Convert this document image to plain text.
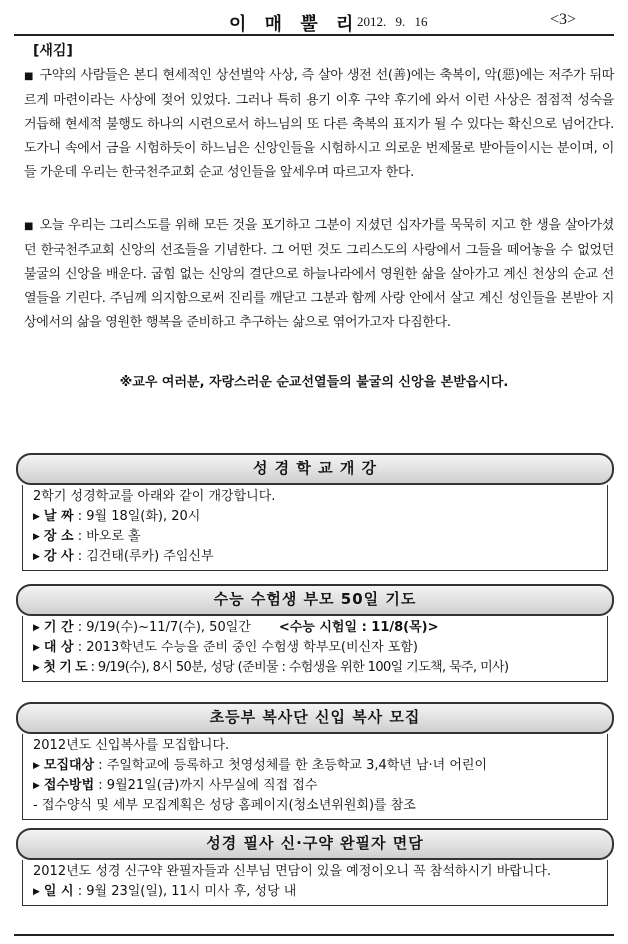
이 매 뿔 리
2012. 9. 16	<3>
[새김]
■ 구약의 사람들은 본디 현세적인 상선벌악 사상, 즉 살아 생전 선(善)에는 축복이, 악(惡)에는 저주가 뒤따르게 마련이라는 사상에 젖어 있었다. 그러나 특히 용기 이후 구약 후기에 와서 이런 사상은 점점적 성숙을 거듭해 현세적 불행도 하나의 시련으로서 하느님의 또 다른 축복의 표지가 될 수 있다는 확신으로 넘어간다. 도가니 속에서 금을 시험하듯이 하느님은 신앙인들을 시험하시고 의로운 번제물로 받아들이시는 분이며, 이들 가운데 우리는 한국천주교회 순교 성인들을 앞세우며 따르고자 한다.
■ 오늘 우리는 그리스도를 위해 모든 것을 포기하고 그분이 지셨던 십자가를 묵묵히 지고 한 생을 살아가셨던 한국천주교회 신앙의 선조들을 기념한다. 그 어떤 것도 그리스도의 사랑에서 그들을 떼어놓을 수 없었던 불굴의 신앙을 배운다. 굽힘 없는 신앙의 결단으로 하늘나라에서 영원한 삶을 살아가고 계신 천상의 순교 선열들을 기린다. 주님께 의지함으로써 진리를 깨닫고 그분과 함께 사랑 안에서 살고 계신 성인들을 본받아 지상에서의 삶을 영원한 행복을 준비하고 추구하는 삶으로 엮어가고자 다짐한다.
※교우 여러분, 자랑스러운 순교선열들의 불굴의 신앙을 본받읍시다.
성 경 학 교 개 강
2학기 성경학교를 아래와 같이 개강합니다.
▶ 날 짜 : 9월 18일(화), 20시
▶ 장 소 : 바오로 홀
▶ 강 사 : 김건태(루카) 주임신부
수능 수험생 부모 50일 기도
▶ 기 간 : 9/19(수)~11/7(수), 50일간 <수능 시험일 : 11/8(목)>
▶ 대 상 : 2013학년도 수능을 준비 중인 수험생 학부모(비신자 포함)
▶ 첫 기 도 : 9/19(수), 8시 50분, 성당 (준비물 : 수험생을 위한 100일 기도책, 묵주, 미사)
초등부 복사단 신입 복사 모집
2012년도 신입복사를 모집합니다.
▶ 모집대상 : 주일학교에 등록하고 첫영성체를 한 초등학교 3,4학년 남·녀 어린이
▶ 접수방법 : 9월21일(금)까지 사무실에 직접 접수
- 접수양식 및 세부 모집계획은 성당 홈페이지(청소년위원회)를 참조
성경 필사 신·구약 완필자 면담
2012년도 성경 신구약 완필자들과 신부님 면담이 있을 예정이오니 꼭 참석하시기 바랍니다.
▶ 일 시 : 9월 23일(일), 11시 미사 후, 성당 내
